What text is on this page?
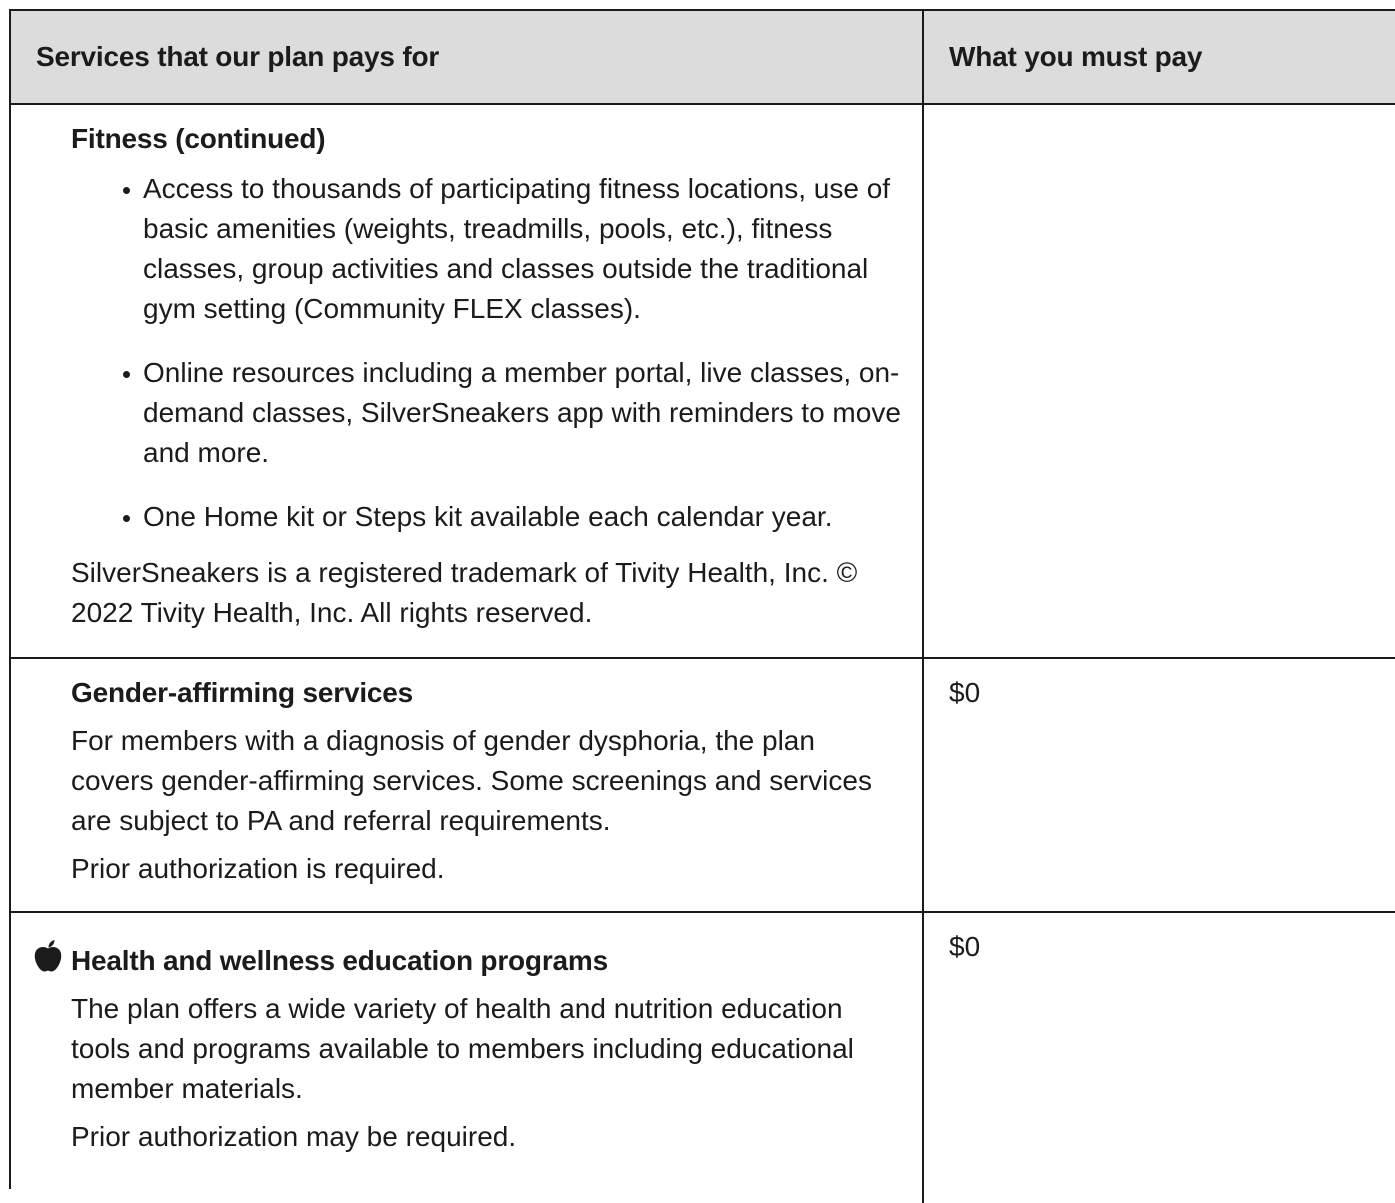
Services that our plan pays for	What you must pay
Fitness (continued)
Access to thousands of participating fitness locations, use of basic amenities (weights, treadmills, pools, etc.), fitness classes, group activities and classes outside the traditional gym setting (Community FLEX classes).
Online resources including a member portal, live classes, on-demand classes, SilverSneakers app with reminders to move and more.
One Home kit or Steps kit available each calendar year.
SilverSneakers is a registered trademark of Tivity Health, Inc. © 2022 Tivity Health, Inc. All rights reserved.
Gender-affirming services
For members with a diagnosis of gender dysphoria, the plan covers gender-affirming services. Some screenings and services are subject to PA and referral requirements.
Prior authorization is required.
$0
Health and wellness education programs
The plan offers a wide variety of health and nutrition education tools and programs available to members including educational member materials.
Prior authorization may be required.
$0
